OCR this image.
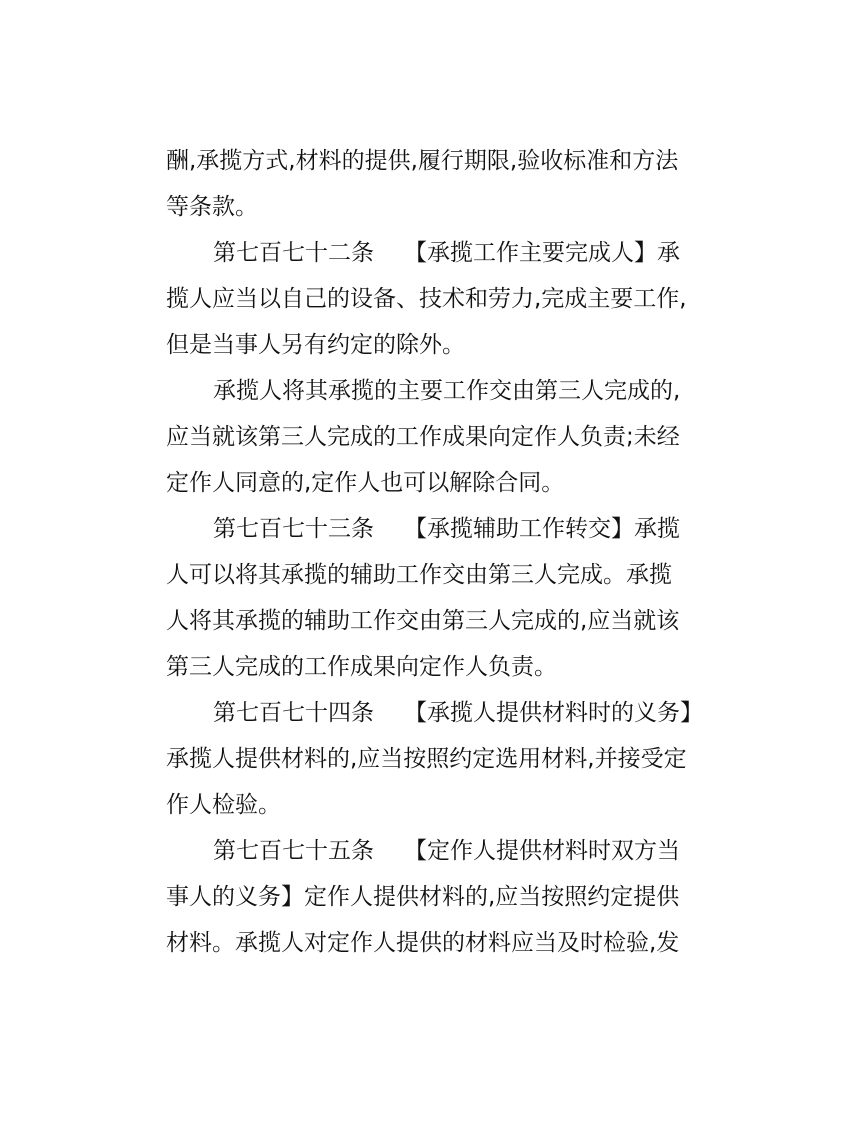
酬,承揽方式,材料的提供,履行期限,验收标准和方法
等条款。
第七百七十二条 【承揽工作主要完成人】承
揽人应当以自己的设备、技术和劳力,完成主要工作,
但是当事人另有约定的除外。
承揽人将其承揽的主要工作交由第三人完成的,
应当就该第三人完成的工作成果向定作人负责;未经
定作人同意的,定作人也可以解除合同。
第七百七十三条 【承揽辅助工作转交】承揽
人可以将其承揽的辅助工作交由第三人完成。承揽
人将其承揽的辅助工作交由第三人完成的,应当就该
第三人完成的工作成果向定作人负责。
第七百七十四条 【承揽人提供材料时的义务】
承揽人提供材料的,应当按照约定选用材料,并接受定
作人检验。
第七百七十五条 【定作人提供材料时双方当
事人的义务】定作人提供材料的,应当按照约定提供
材料。承揽人对定作人提供的材料应当及时检验,发
